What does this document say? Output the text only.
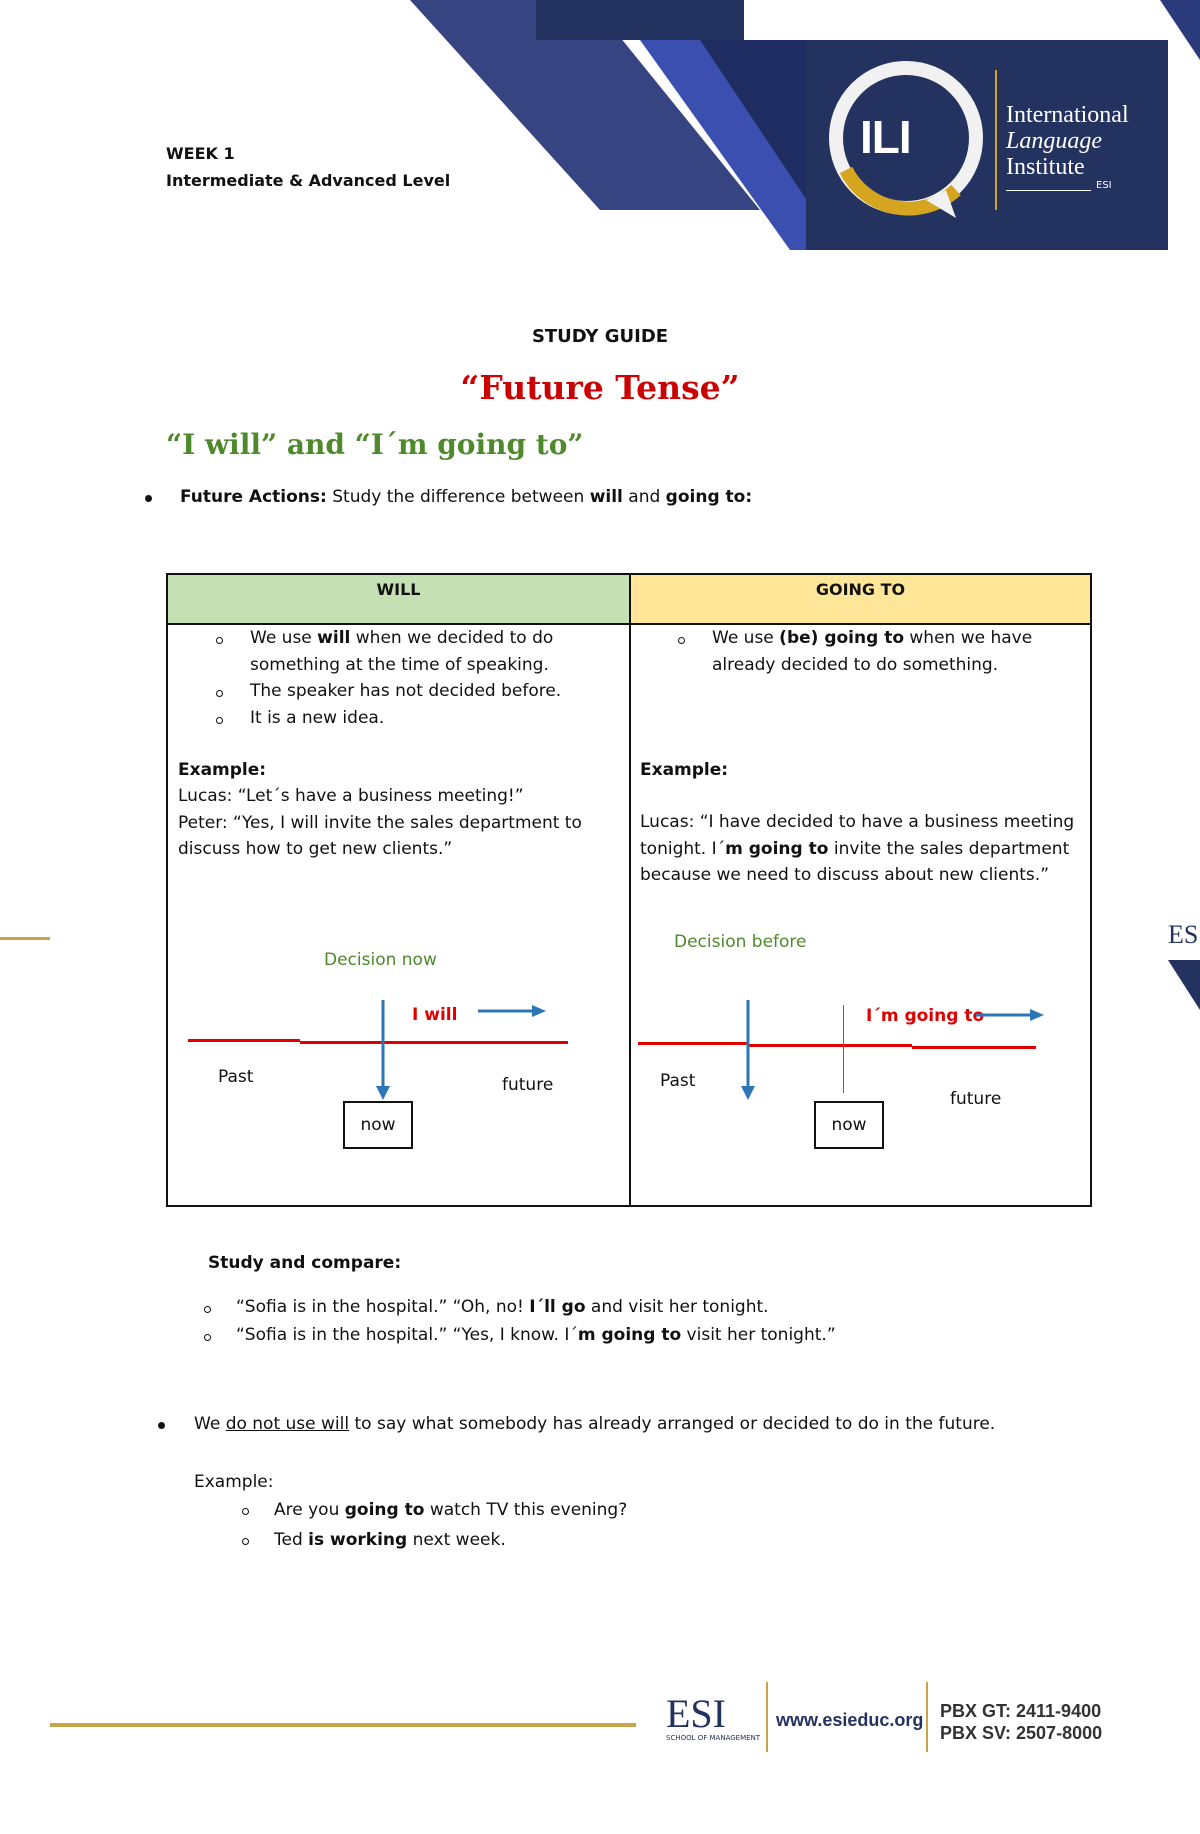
ILI	International
Language
Institute
ESI
WEEK 1
Intermediate & Advanced Level
STUDY GUIDE
“Future Tense”
“I will” and “I´m going to”
Future Actions: Study the difference between will and going to:
WILL	GOING TO
We use will when we decided to do
something at the time of speaking.
The speaker has not decided before.
It is a new idea.
Example:
Lucas: “Let´s have a business meeting!”
Peter: “Yes, I will invite the sales department to
discuss how to get new clients.”
Decision now
I will
Past	future
now
We use (be) going to when we have
already decided to do something.
Example:
Lucas: “I have decided to have a business meeting
tonight. I´m going to invite the sales department
because we need to discuss about new clients.”
Decision before
I´m going to
Past
future
now
Study and compare:
“Sofia is in the hospital.” “Oh, no! I´ll go and visit her tonight.
“Sofia is in the hospital.” “Yes, I know. I´m going to visit her tonight.”
We do not use will to say what somebody has already arranged or decided to do in the future.
Example:
Are you going to watch TV this evening?
Ted is working next week.
ES
ESI
SCHOOL OF MANAGEMENT
www.esieduc.org PBX GT: 2411-9400
PBX SV: 2507-8000
